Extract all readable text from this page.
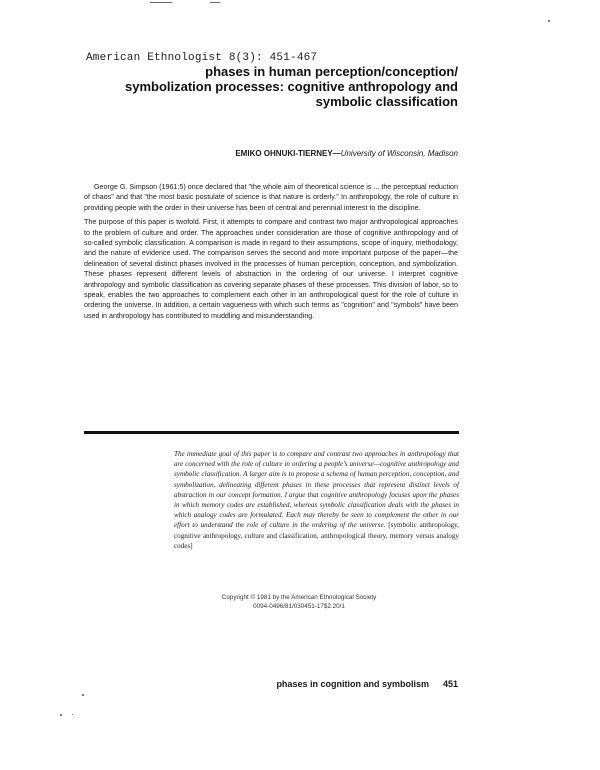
American Ethnologist 8(3): 451-467
phases in human perception/conception/
symbolization processes: cognitive anthropology and
symbolic classification
EMIKO OHNUKI-TIERNEY—University of Wisconsin, Madison

George G. Simpson (1961:5) once declared that "the whole aim of theoretical science is ... the perceptual reduction of chaos" and that "the most basic postulate of science is that nature is orderly." In anthropology, the role of culture in providing people with the order in their universe has been of central and perennial interest to the discipline.

The purpose of this paper is twofold. First, it attempts to compare and contrast two major anthropological approaches to the problem of culture and order. The approaches under consideration are those of cognitive anthropology and of so-called symbolic classification. A comparison is made in regard to their assumptions, scope of inquiry, methodology, and the nature of evidence used. The comparison serves the second and more important purpose of the paper—the delineation of several distinct phases involved in the processes of human perception, conception, and symbolization. These phases represent different levels of abstraction in the ordering of our universe. I interpret cognitive anthropology and symbolic classification as covering separate phases of these processes. This division of labor, so to speak, enables the two approaches to complement each other in an anthropological quest for the role of culture in ordering the universe. In addition, a certain vagueness with which such terms as "cognition" and "symbols" have been used in anthropology has contributed to muddling and misunderstanding.

The immediate goal of this paper is to compare and contrast two approaches in anthropology that are concerned with the role of culture in ordering a people's universe—cognitive anthropology and symbolic classification. A larger aim is to propose a schema of human perception, conception, and symbolization, delineating different phases in these processes that represent distinct levels of abstraction in our concept formation. I argue that cognitive anthropology focuses upon the phases in which memory codes are established, whereas symbolic classification deals with the phases in which analogy codes are formulated. Each may thereby be seen to complement the other in our effort to understand the role of culture in the ordering of the universe. [symbolic anthropology, cognitive anthropology, culture and classification, anthropological theory, memory versus analogy codes]
Copyright © 1981 by the American Ethnological Society
0094-0496/81/030451-17$2.20/1
phases in cognition and symbolism 451
